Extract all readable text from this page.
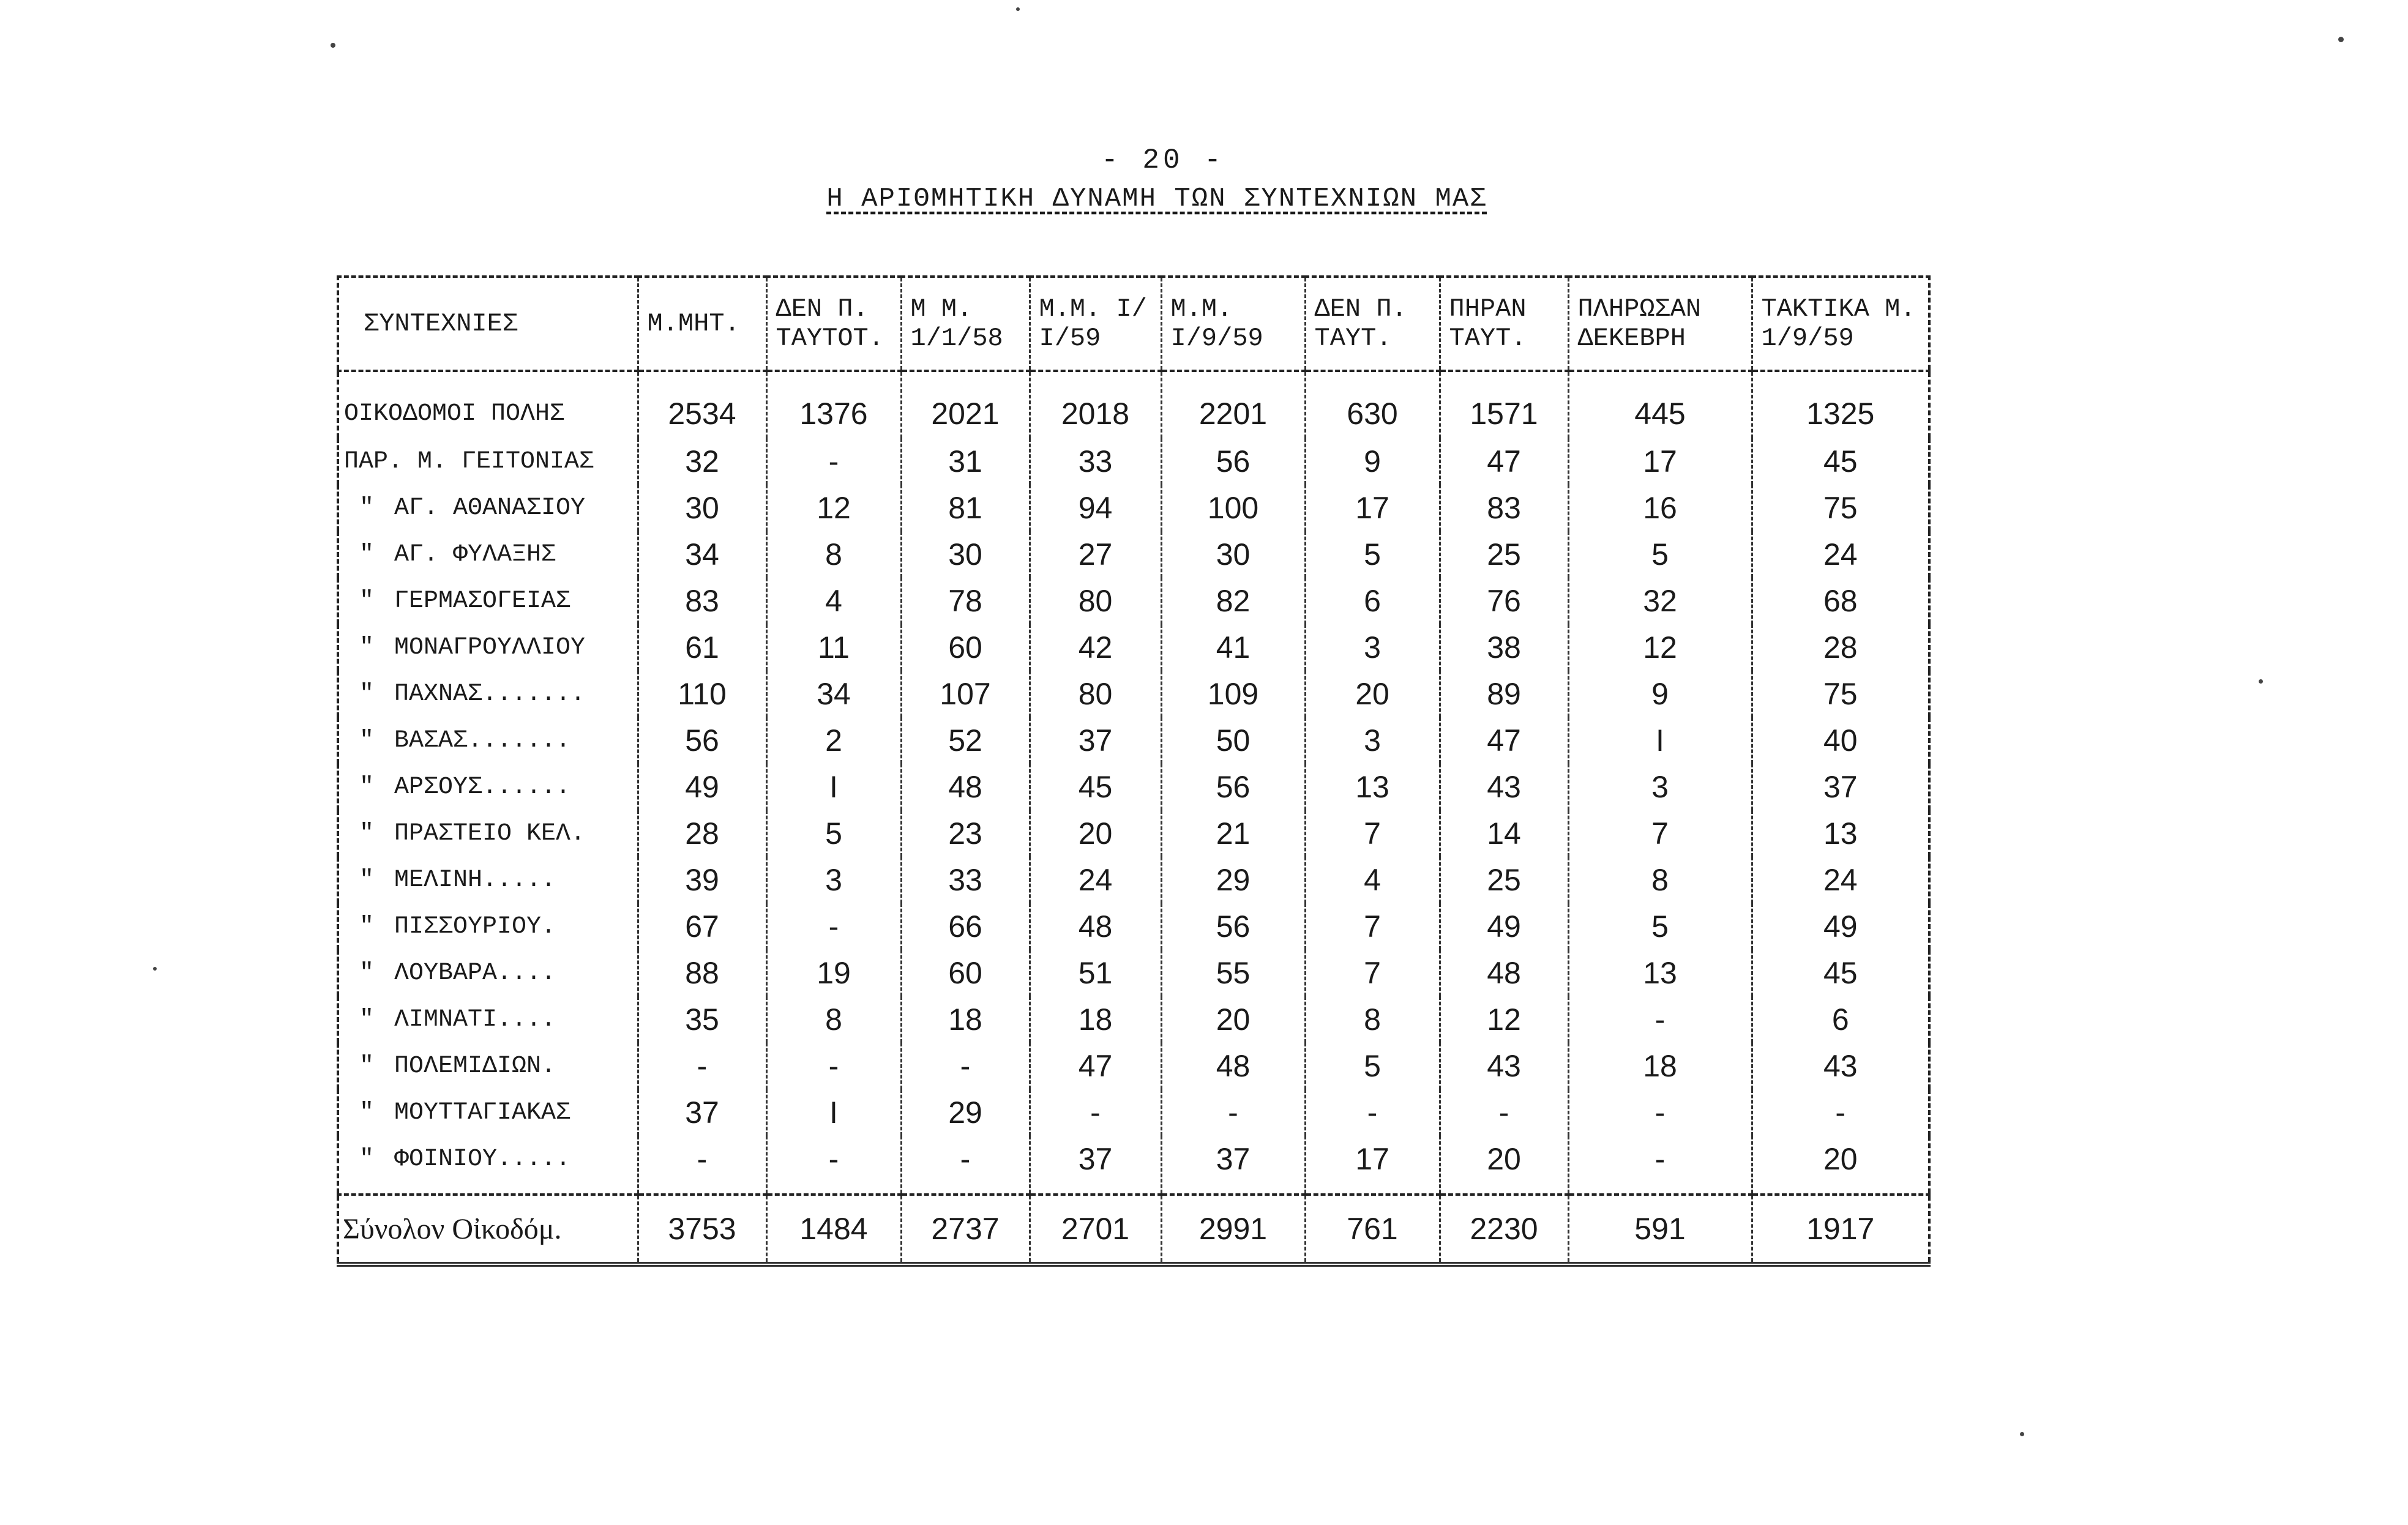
- 20 -
Η ΑΡΙΘΜΗΤΙΚΗ ΔΥΝΑΜΗ ΤΩΝ ΣΥΝΤΕΧΝΙΩΝ ΜΑΣ
ΣΥΝΤΕΧΝΙΕΣ	Μ.ΜΗΤ.	ΔΕΝ Π. ΤΑΥΤΟΤ.	Μ Μ. 1/1/58	Μ.Μ. Ι/Ι/59	Μ.Μ. Ι/9/59	ΔΕΝ Π. ΤΑΥΤ.	ΠΗΡΑΝ ΤΑΥΤ.	ΠΛΗΡΩΣΑΝ ΔΕΚΕΒΡΗ	ΤΑΚΤΙΚΑ Μ. 1/9/59
ΟΙΚΟΔΟΜΟΙ ΠΟΛΗΣ	2534	1376	2021	2018	2201	630	1571	445	1325
ΠΑΡ. Μ. ΓΕΙΤΟΝΙΑΣ	32	-	31	33	56	9	47	17	45
" ΑΓ. ΑΘΑΝΑΣΙΟΥ	30	12	81	94	100	17	83	16	75
" ΑΓ. ΦΥΛΑΞΗΣ	34	8	30	27	30	5	25	5	24
" ΓΕΡΜΑΣΟΓΕΙΑΣ	83	4	78	80	82	6	76	32	68
" ΜΟΝΑΓΡΟΥΛΛΙΟΥ	61	11	60	42	41	3	38	12	28
" ΠΑΧΝΑΣ.......	110	34	107	80	109	20	89	9	75
" ΒΑΣΑΣ.......	56	2	52	37	50	3	47	Ι	40
" ΑΡΣΟΥΣ......	49	Ι	48	45	56	13	43	3	37
" ΠΡΑΣΤΕΙΟ ΚΕΛ.	28	5	23	20	21	7	14	7	13
" ΜΕΛΙΝΗ.....	39	3	33	24	29	4	25	8	24
" ΠΙΣΣΟΥΡΙΟΥ.	67	-	66	48	56	7	49	5	49
" ΛΟΥΒΑΡΑ....	88	19	60	51	55	7	48	13	45
" ΛΙΜΝΑΤΙ....	35	8	18	18	20	8	12	-	6
" ΠΟΛΕΜΙΔΙΩΝ.	-	-	-	47	48	5	43	18	43
" ΜΟΥΤΤΑΓΙΑΚΑΣ	37	Ι	29	-	-	-	-	-	-
" ΦΟΙΝΙΟΥ.....	-	-	-	37	37	17	20	-	20
Σύνολον Οἰκοδόμ.	3753	1484	2737	2701	2991	761	2230	591	1917
